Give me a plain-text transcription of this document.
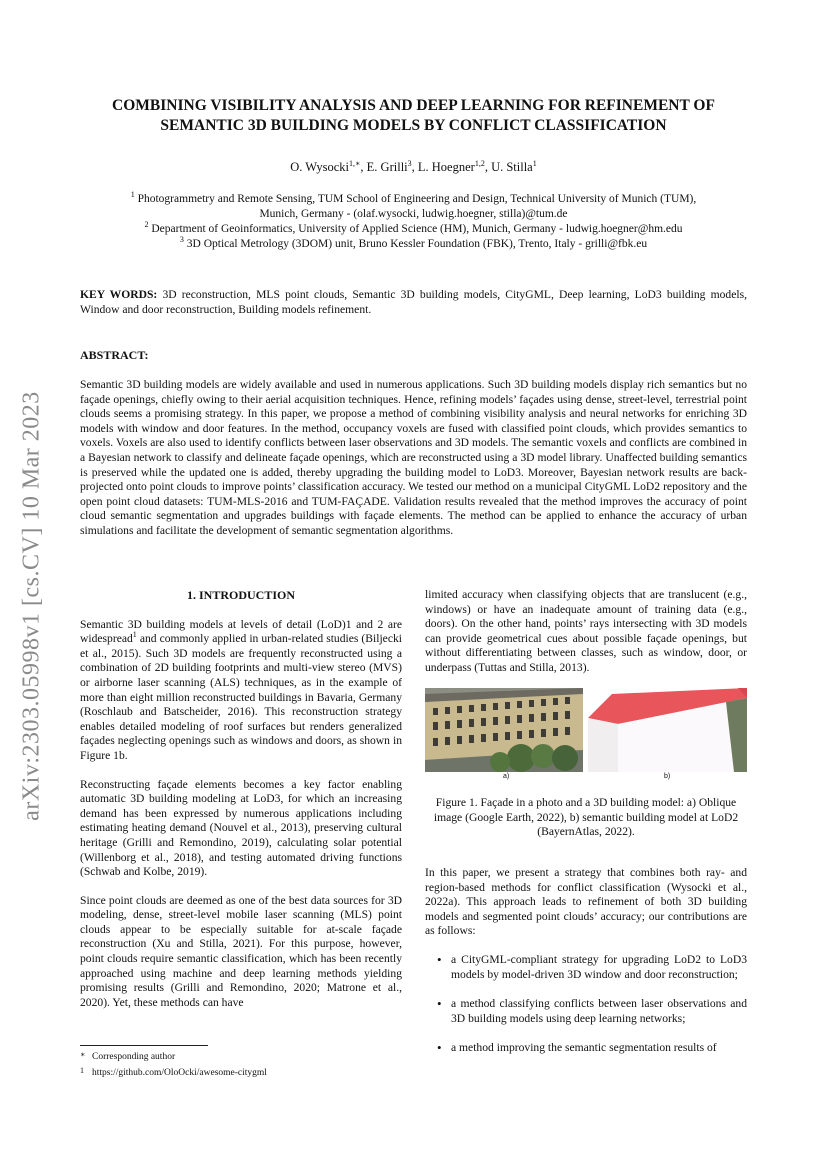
arXiv:2303.05998v1 [cs.CV] 10 Mar 2023
COMBINING VISIBILITY ANALYSIS AND DEEP LEARNING FOR REFINEMENT OF
SEMANTIC 3D BUILDING MODELS BY CONFLICT CLASSIFICATION
O. Wysocki$^{1,∗}$, E. Grilli$^3$, L. Hoegner$^{1,2}$, U. Stilla$^1$

$^1$ Photogrammetry and Remote Sensing, TUM School of Engineering and Design, Technical University of Munich (TUM),

Munich, Germany - (olaf.wysocki, ludwig.hoegner, stilla)@tum.de

$^2$ Department of Geoinformatics, University of Applied Science (HM), Munich, Germany - ludwig.hoegner@hm.edu

$^3$ 3D Optical Metrology (3DOM) unit, Bruno Kessler Foundation (FBK), Trento, Italy - grilli@fbk.eu

KEY WORDS: 3D reconstruction, MLS point clouds, Semantic 3D building models, CityGML, Deep learning, LoD3 building models, Window and door reconstruction, Building models refinement.
ABSTRACT:
Semantic 3D building models are widely available and used in numerous applications. Such 3D building models display rich semantics but no façade openings, chiefly owing to their aerial acquisition techniques. Hence, refining models’ façades using dense, street-level, terrestrial point clouds seems a promising strategy. In this paper, we propose a method of combining visibility analysis and neural networks for enriching 3D models with window and door features. In the method, occupancy voxels are fused with classified point clouds, which provides semantics to voxels. Voxels are also used to identify conflicts between laser observations and 3D models. The semantic voxels and conflicts are combined in a Bayesian network to classify and delineate façade openings, which are reconstructed using a 3D model library. Unaffected building semantics is preserved while the updated one is added, thereby upgrading the building model to LoD3. Moreover, Bayesian network results are back-projected onto point clouds to improve points’ classification accuracy. We tested our method on a municipal CityGML LoD2 repository and the open point cloud datasets: TUM-MLS-2016 and TUM-FAÇADE. Validation results revealed that the method improves the accuracy of point cloud semantic segmentation and upgrades buildings with façade elements. The method can be applied to enhance the accuracy of urban simulations and facilitate the development of semantic segmentation algorithms.
1. INTRODUCTION

Semantic 3D building models at levels of detail (LoD)1 and 2 are widespread$^1$ and commonly applied in urban-related studies (Biljecki et al., 2015). Such 3D models are frequently reconstructed using a combination of 2D building footprints and multi-view stereo (MVS) or airborne laser scanning (ALS) techniques, as in the example of more than eight million reconstructed buildings in Bavaria, Germany (Roschlaub and Batscheider, 2016). This reconstruction strategy enables detailed modeling of roof surfaces but renders generalized façades neglecting openings such as windows and doors, as shown in Figure 1b.

Reconstructing façade elements becomes a key factor enabling automatic 3D building modeling at LoD3, for which an increasing demand has been expressed by numerous applications including estimating heating demand (Nouvel et al., 2013), preserving cultural heritage (Grilli and Remondino, 2019), calculating solar potential (Willenborg et al., 2018), and testing automated driving functions (Schwab and Kolbe, 2019).

Since point clouds are deemed as one of the best data sources for 3D modeling, dense, street-level mobile laser scanning (MLS) point clouds appear to be especially suitable for at-scale façade reconstruction (Xu and Stilla, 2021). For this purpose, however, point clouds require semantic classification, which has been recently approached using machine and deep learning methods yielding promising results (Grilli and Remondino, 2020; Matrone et al., 2020). Yet, these methods can have

limited accuracy when classifying objects that are translucent (e.g., windows) or have an inadequate amount of training data (e.g., doors). On the other hand, points’ rays intersecting with 3D models can provide geometrical cues about possible façade openings, but without differentiating between classes, such as window, door, or underpass (Tuttas and Stilla, 2013).

a)	b)
Figure 1. Façade in a photo and a 3D building model: a) Oblique image (Google Earth, 2022), b) semantic building model at LoD2 (BayernAtlas, 2022).

In this paper, we present a strategy that combines both ray- and region-based methods for conflict classification (Wysocki et al., 2022a). This approach leads to refinement of both 3D building models and segmented point clouds’ accuracy; our contributions are as follows:

• a CityGML-compliant strategy for upgrading LoD2 to LoD3 models by model-driven 3D window and door reconstruction;
• a method classifying conflicts between laser observations and 3D building models using deep learning networks;
• a method improving the semantic segmentation results of

∗ Corresponding author

1 https://github.com/OloOcki/awesome-citygml
